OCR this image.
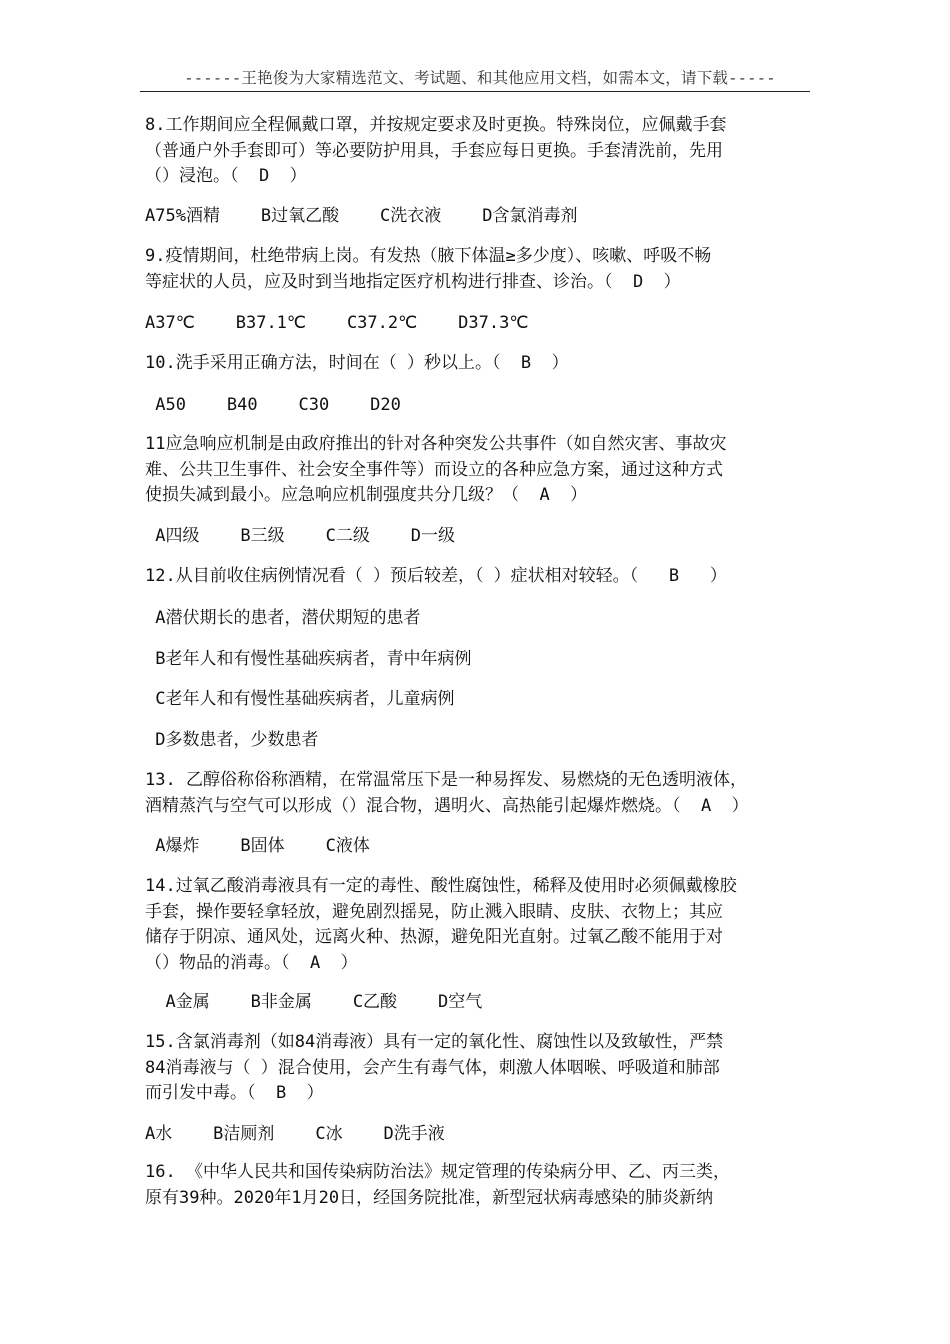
------王艳俊为大家精选范文、考试题、和其他应用文档，如需本文，请下载-----

8.工作期间应全程佩戴口罩，并按规定要求及时更换。特殊岗位，应佩戴手套
（普通户外手套即可）等必要防护用具，手套应每日更换。手套清洗前，先用
（）浸泡。（  D  ）

A75%酒精    B过氧乙酸    C洗衣液    D含氯消毒剂

9.疫情期间，杜绝带病上岗。有发热（腋下体温≥多少度）、咳嗽、呼吸不畅
等症状的人员，应及时到当地指定医疗机构进行排查、诊治。（  D  ）

A37℃    B37.1℃    C37.2℃    D37.3℃

10.洗手采用正确方法，时间在（ ）秒以上。（  B  ）

A50    B40    C30    D20

11应急响应机制是由政府推出的针对各种突发公共事件（如自然灾害、事故灾
难、公共卫生事件、社会安全事件等）而设立的各种应急方案，通过这种方式
使损失减到最小。应急响应机制强度共分几级？（  A  ）

A四级    B三级    C二级    D一级

12.从目前收住病例情况看（ ）预后较差，（ ）症状相对较轻。（   B   ）

A潜伏期长的患者，潜伏期短的患者
B老年人和有慢性基础疾病者，青中年病例
C老年人和有慢性基础疾病者，儿童病例
D多数患者，少数患者

13. 乙醇俗称俗称酒精，在常温常压下是一种易挥发、易燃烧的无色透明液体，
酒精蒸汽与空气可以形成（）混合物，遇明火、高热能引起爆炸燃烧。（  A  ）

A爆炸    B固体    C液体

14.过氧乙酸消毒液具有一定的毒性、酸性腐蚀性，稀释及使用时必须佩戴橡胶
手套，操作要轻拿轻放，避免剧烈摇晃，防止溅入眼睛、皮肤、衣物上；其应
储存于阴凉、通风处，远离火种、热源，避免阳光直射。过氧乙酸不能用于对
（）物品的消毒。（  A  ）

A金属    B非金属    C乙酸    D空气

15.含氯消毒剂（如84消毒液）具有一定的氧化性、腐蚀性以及致敏性，严禁
84消毒液与（ ）混合使用，会产生有毒气体，刺激人体咽喉、呼吸道和肺部
而引发中毒。（  B  ）

A水    B洁厕剂    C冰    D洗手液

16. 《中华人民共和国传染病防治法》规定管理的传染病分甲、乙、丙三类，
原有39种。2020年1月20日，经国务院批准，新型冠状病毒感染的肺炎新纳
